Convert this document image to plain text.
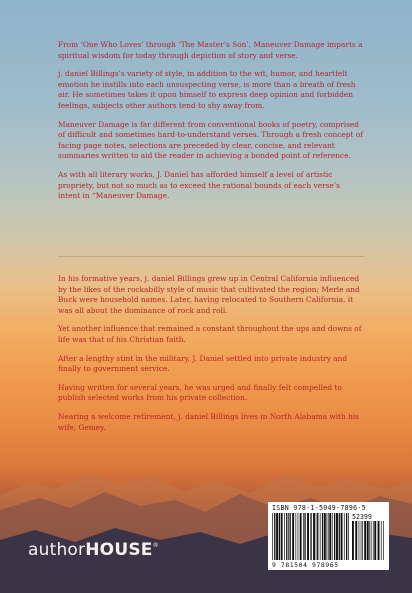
From ‘One Who Loves’ through ‘The Master’s Son’, Maneuver Damage imparts a spiritual wisdom for today through depiction of story and verse.

j. daniel Billings’s variety of style, in addition to the wit, humor, and heartfelt emotion he instills into each unsuspecting verse, is more than a breath of fresh air. He sometimes takes it upon himself to express deep opinion and forbidden feelings, subjects other authors tend to shy away from.

Maneuver Damage is far different from conventional books of poetry, comprised of difficult and sometimes hard-to-understand verses. Through a fresh concept of facing page notes, selections are preceded by clear, concise, and relevant summaries written to aid the reader in achieving a bonded point of reference.

As with all literary works, J. Daniel has afforded himself a level of artistic propriety, but not so much as to exceed the rational bounds of each verse’s intent in “Maneuver Damage.

In his formative years, j. daniel Billings grew up in Central California influenced by the likes of the rockabilly style of music that cultivated the region; Merle and Buck were household names. Later, having relocated to Southern California, it was all about the dominance of rock and roll.

Yet another influence that remained a constant throughout the ups and downs of life was that of his Christian faith.

After a lengthy stint in the military, J. Daniel settled into private industry and finally to government service.

Having written for several years, he was urged and finally felt compelled to publish selected works from his private collection.

Nearing a welcome retirement, j. daniel Billings lives in North Alabama with his wife, Gemey.

authorHOUSE®
ISBN 978-1-5049-7896-5
52399
9 781504 978965
